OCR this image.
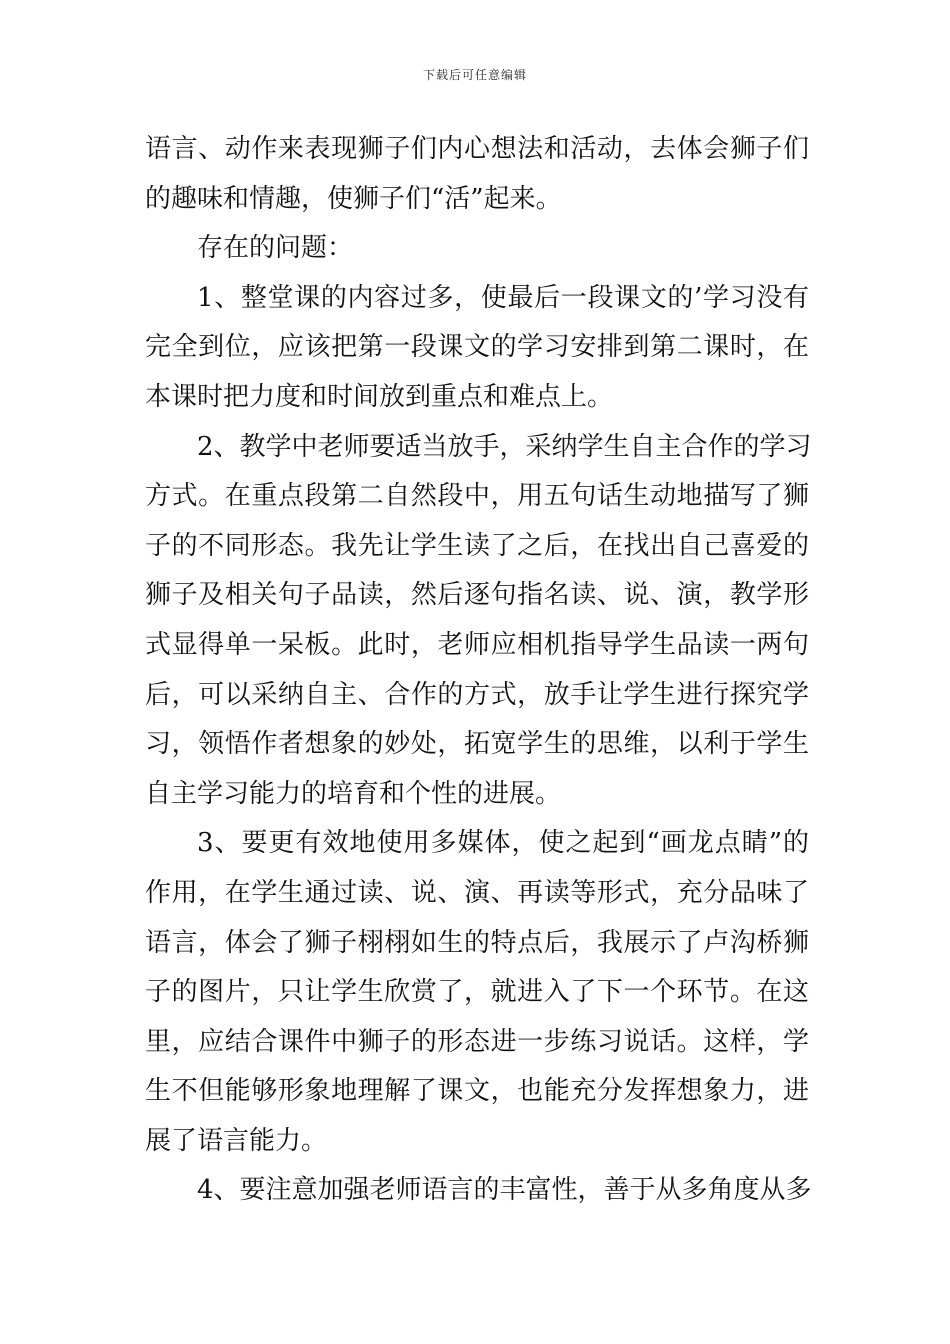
下载后可任意编辑
语言、动作来表现狮子们内心想法和活动，去体会狮子们
的趣味和情趣，使狮子们“活”起来。
存在的问题：
1、整堂课的内容过多，使最后一段课文的’学习没有
完全到位，应该把第一段课文的学习安排到第二课时，在
本课时把力度和时间放到重点和难点上。
2、教学中老师要适当放手，采纳学生自主合作的学习
方式。在重点段第二自然段中，用五句话生动地描写了狮
子的不同形态。我先让学生读了之后，在找出自己喜爱的
狮子及相关句子品读，然后逐句指名读、说、演，教学形
式显得单一呆板。此时，老师应相机指导学生品读一两句
后，可以采纳自主、合作的方式，放手让学生进行探究学
习，领悟作者想象的妙处，拓宽学生的思维，以利于学生
自主学习能力的培育和个性的进展。
3、要更有效地使用多媒体，使之起到“画龙点睛”的
作用，在学生通过读、说、演、再读等形式，充分品味了
语言，体会了狮子栩栩如生的特点后，我展示了卢沟桥狮
子的图片，只让学生欣赏了，就进入了下一个环节。在这
里，应结合课件中狮子的形态进一步练习说话。这样，学
生不但能够形象地理解了课文，也能充分发挥想象力，进
展了语言能力。
4、要注意加强老师语言的丰富性，善于从多角度从多
